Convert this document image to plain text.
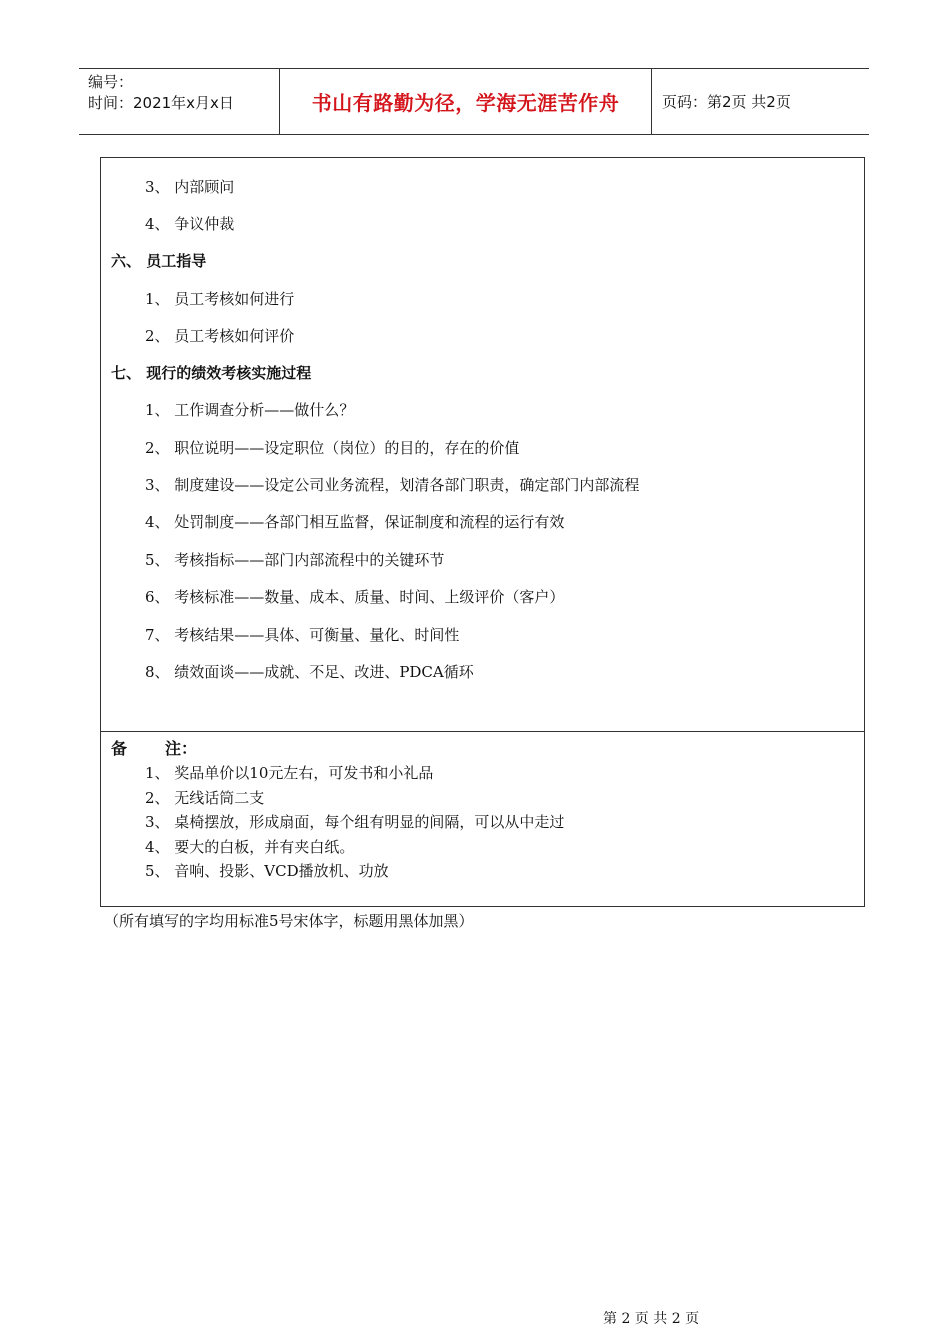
编号：
时间：2021年x月x日	书山有路勤为径，学海无涯苦作舟	页码：第2页 共2页
3、 内部顾问
4、 争议仲裁
六、 员工指导
1、 员工考核如何进行
2、 员工考核如何评价
七、 现行的绩效考核实施过程
1、 工作调查分析——做什么？
2、 职位说明——设定职位（岗位）的目的，存在的价值
3、 制度建设——设定公司业务流程，划清各部门职责，确定部门内部流程
4、 处罚制度——各部门相互监督，保证制度和流程的运行有效
5、 考核指标——部门内部流程中的关键环节
6、 考核标准——数量、成本、质量、时间、上级评价（客户）
7、 考核结果——具体、可衡量、量化、时间性
8、 绩效面谈——成就、不足、改进、PDCA循环
备 注：
1、 奖品单价以10元左右，可发书和小礼品
2、 无线话筒二支
3、 桌椅摆放，形成扇面，每个组有明显的间隔，可以从中走过
4、 要大的白板，并有夹白纸。
5、 音响、投影、VCD播放机、功放
（所有填写的字均用标准5号宋体字，标题用黑体加黑）
第 2 页 共 2 页
